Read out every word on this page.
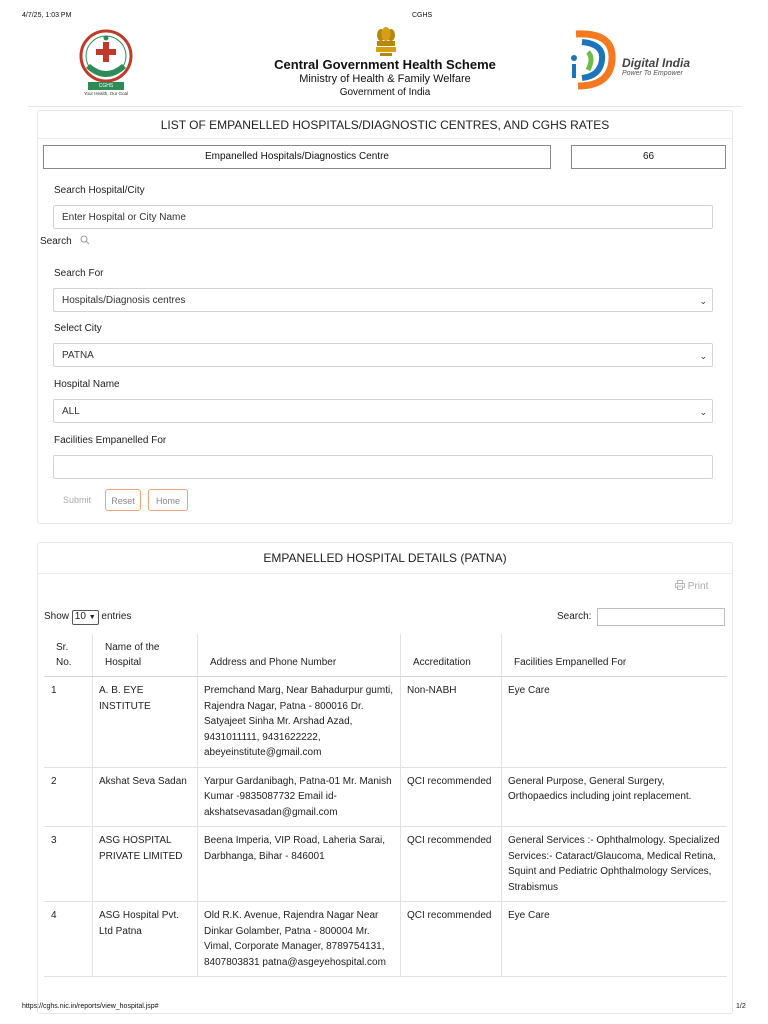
4/7/25, 1:03 PM	CGHS
CGHS
Your Health, Our Goal
Central Government Health Scheme
Ministry of Health & Family Welfare
Government of India
Digital India
Power To Empower
LIST OF EMPANELLED HOSPITALS/DIAGNOSTIC CENTRES, AND CGHS RATES
Empanelled Hospitals/Diagnostics Centre	66
Search Hospital/City
Enter Hospital or City Name
Search
Search For
Hospitals/Diagnosis centres	⌄
Select City
PATNA	⌄
Hospital Name
ALL	⌄
Facilities Empanelled For
Submit	Reset	Home
EMPANELLED HOSPITAL DETAILS (PATNA)
Print
Show 10 ▼ entries	Search:
Sr. No.	Name of the Hospital	Address and Phone Number	Accreditation	Facilities Empanelled For
1	A. B. EYE INSTITUTE	Premchand Marg, Near Bahadurpur gumti, Rajendra Nagar, Patna - 800016 Dr. Satyajeet Sinha Mr. Arshad Azad, 9431011111, 9431622222, abeyeinstitute@gmail.com	Non-NABH	Eye Care
2	Akshat Seva Sadan	Yarpur Gardanibagh, Patna-01 Mr. Manish Kumar -9835087732 Email id-akshatsevasadan@gmail.com	QCI recommended	General Purpose, General Surgery, Orthopaedics including joint replacement.
3	ASG HOSPITAL PRIVATE LIMITED	Beena Imperia, VIP Road, Laheria Sarai, Darbhanga, Bihar - 846001	QCI recommended	General Services :- Ophthalmology. Specialized Services:- Cataract/Glaucoma, Medical Retina, Squint and Pediatric Ophthalmology Services, Strabismus
4	ASG Hospital Pvt. Ltd Patna	Old R.K. Avenue, Rajendra Nagar Near Dinkar Golamber, Patna - 800004 Mr. Vimal, Corporate Manager, 8789754131, 8407803831 patna@asgeyehospital.com	QCI recommended	Eye Care
https://cghs.nic.in/reports/view_hospital.jsp#	1/2
